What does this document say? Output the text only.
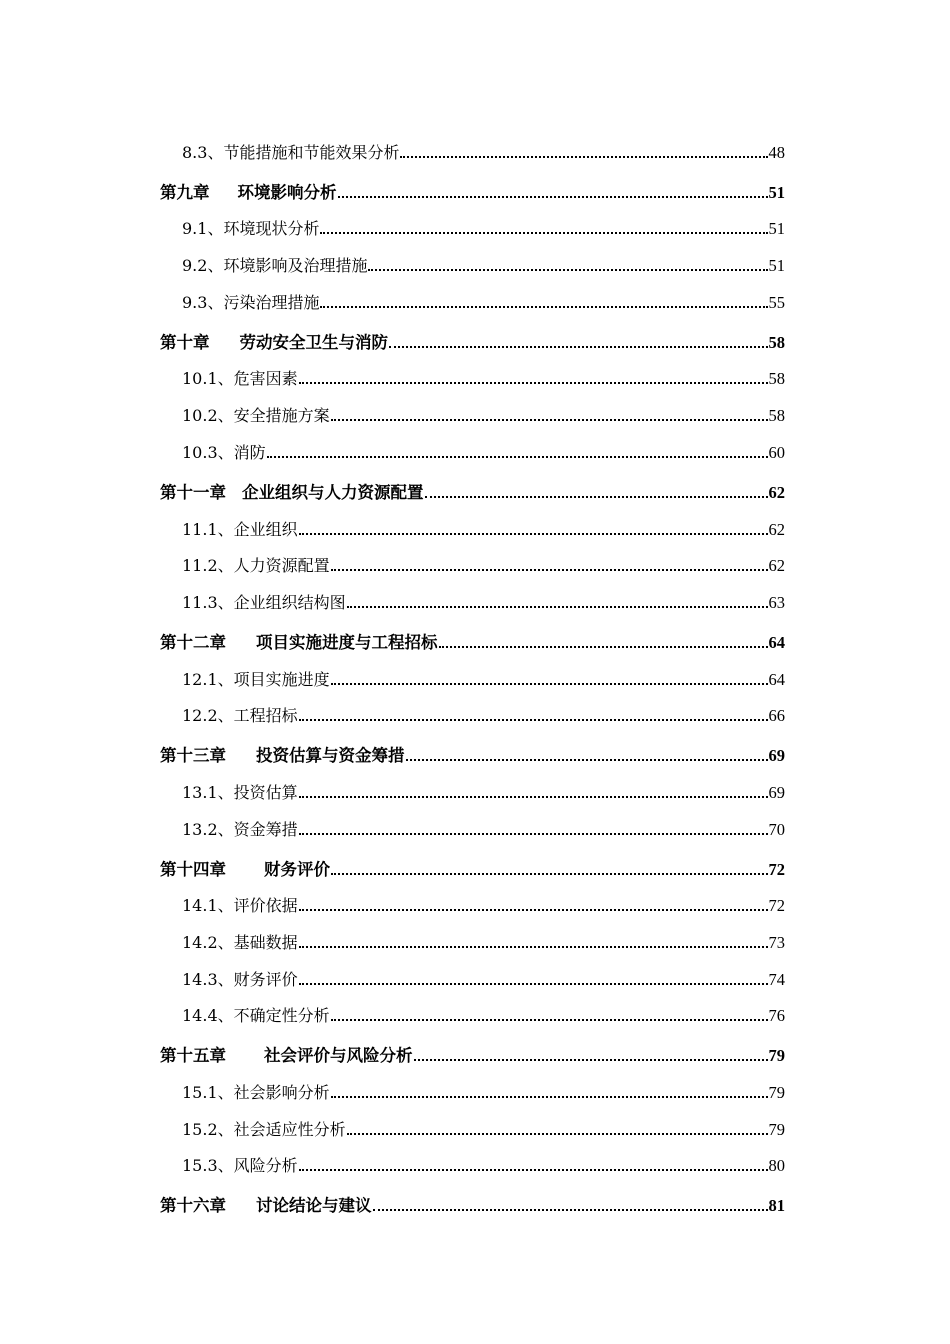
8.3、节能措施和节能效果分析	48
第九章 环境影响分析	51
9.1、环境现状分析	51
9.2、环境影响及治理措施	51
9.3、污染治理措施	55
第十章 劳动安全卫生与消防	58
10.1、危害因素	58
10.2、安全措施方案	58
10.3、消防	60
第十一章 企业组织与人力资源配置	62
11.1、企业组织	62
11.2、人力资源配置	62
11.3、企业组织结构图	63
第十二章 项目实施进度与工程招标	64
12.1、项目实施进度	64
12.2、工程招标	66
第十三章 投资估算与资金筹措	69
13.1、投资估算	69
13.2、资金筹措	70
第十四章 财务评价	72
14.1、评价依据	72
14.2、基础数据	73
14.3、财务评价	74
14.4、不确定性分析	76
第十五章 社会评价与风险分析	79
15.1、社会影响分析	79
15.2、社会适应性分析	79
15.3、风险分析	80
第十六章 讨论结论与建议	81
